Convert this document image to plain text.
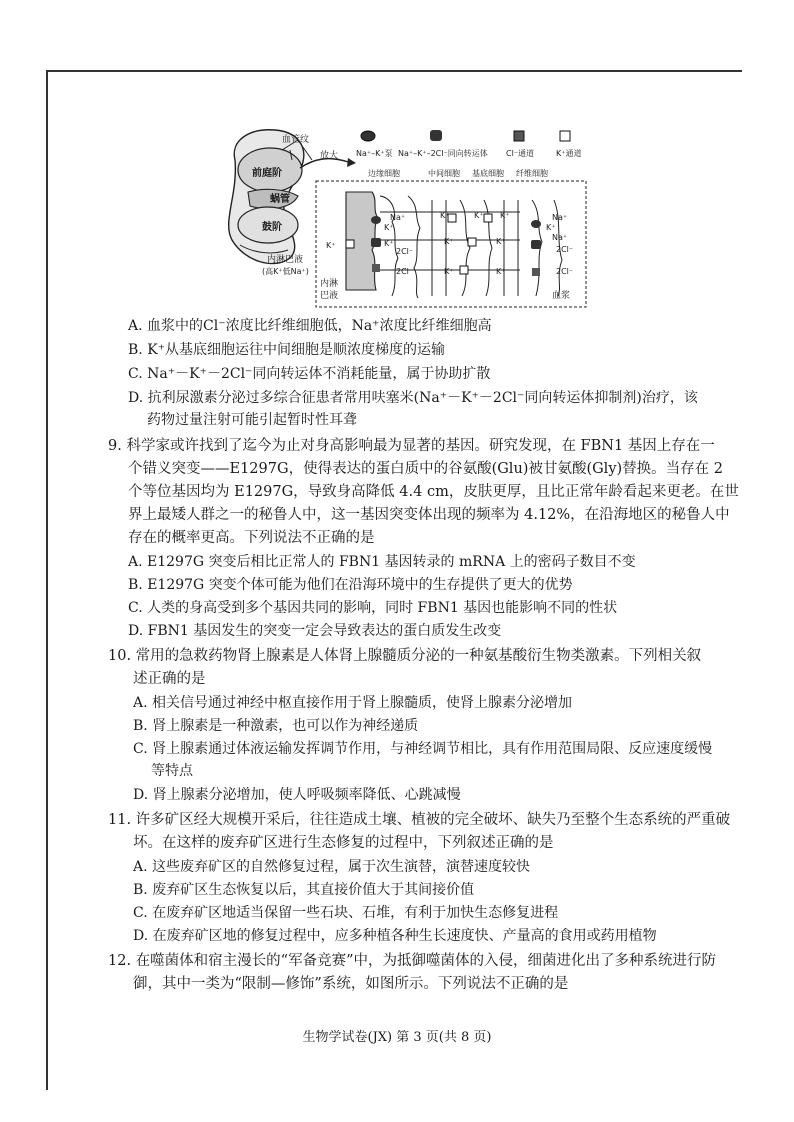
血管纹
前庭阶
蜗管
鼓阶
内淋巴液
(高K⁺低Na⁺)
放大 Na⁺–K⁺泵 Na⁺–K⁺–2Cl⁻同向转运体 Cl⁻通道	K⁺通道
边缘细胞	中间细胞 基底细胞 纤维细胞
Na⁺
K⁺
K⁺
2Cl⁻
2Cl⁻
K⁺
K⁺	K⁺ K⁺
K⁺	K⁺
K⁺	K⁺
Na⁺
K⁺
Na⁺
2Cl⁻
2Cl⁻
内淋
巴液	血浆
A. 血浆中的Cl⁻浓度比纤维细胞低，Na⁺浓度比纤维细胞高
B. K⁺从基底细胞运往中间细胞是顺浓度梯度的运输
C. Na⁺－K⁺－2Cl⁻同向转运体不消耗能量，属于协助扩散
D. 抗利尿激素分泌过多综合征患者常用呋塞米(Na⁺－K⁺－2Cl⁻同向转运体抑制剂)治疗，该
药物过量注射可能引起暂时性耳聋
9. 科学家或许找到了迄今为止对身高影响最为显著的基因。研究发现，在 FBN1 基因上存在一
个错义突变——E1297G，使得表达的蛋白质中的谷氨酸(Glu)被甘氨酸(Gly)替换。当存在 2
个等位基因均为 E1297G，导致身高降低 4.4 cm，皮肤更厚，且比正常年龄看起来更老。在世
界上最矮人群之一的秘鲁人中，这一基因突变体出现的频率为 4.12%，在沿海地区的秘鲁人中
存在的概率更高。下列说法不正确的是
A. E1297G 突变后相比正常人的 FBN1 基因转录的 mRNA 上的密码子数目不变
B. E1297G 突变个体可能为他们在沿海环境中的生存提供了更大的优势
C. 人类的身高受到多个基因共同的影响，同时 FBN1 基因也能影响不同的性状
D. FBN1 基因发生的突变一定会导致表达的蛋白质发生改变
10. 常用的急救药物肾上腺素是人体肾上腺髓质分泌的一种氨基酸衍生物类激素。下列相关叙
述正确的是
A. 相关信号通过神经中枢直接作用于肾上腺髓质，使肾上腺素分泌增加
B. 肾上腺素是一种激素，也可以作为神经递质
C. 肾上腺素通过体液运输发挥调节作用，与神经调节相比，具有作用范围局限、反应速度缓慢
等特点
D. 肾上腺素分泌增加，使人呼吸频率降低、心跳减慢
11. 许多矿区经大规模开采后，往往造成土壤、植被的完全破坏、缺失乃至整个生态系统的严重破
坏。在这样的废弃矿区进行生态修复的过程中，下列叙述正确的是
A. 这些废弃矿区的自然修复过程，属于次生演替，演替速度较快
B. 废弃矿区生态恢复以后，其直接价值大于其间接价值
C. 在废弃矿区地适当保留一些石块、石堆，有利于加快生态修复进程
D. 在废弃矿区地的修复过程中，应多种植各种生长速度快、产量高的食用或药用植物
12. 在噬菌体和宿主漫长的“军备竞赛”中，为抵御噬菌体的入侵，细菌进化出了多种系统进行防
御，其中一类为“限制—修饰”系统，如图所示。下列说法不正确的是
生物学试卷(JX) 第 3 页(共 8 页)
